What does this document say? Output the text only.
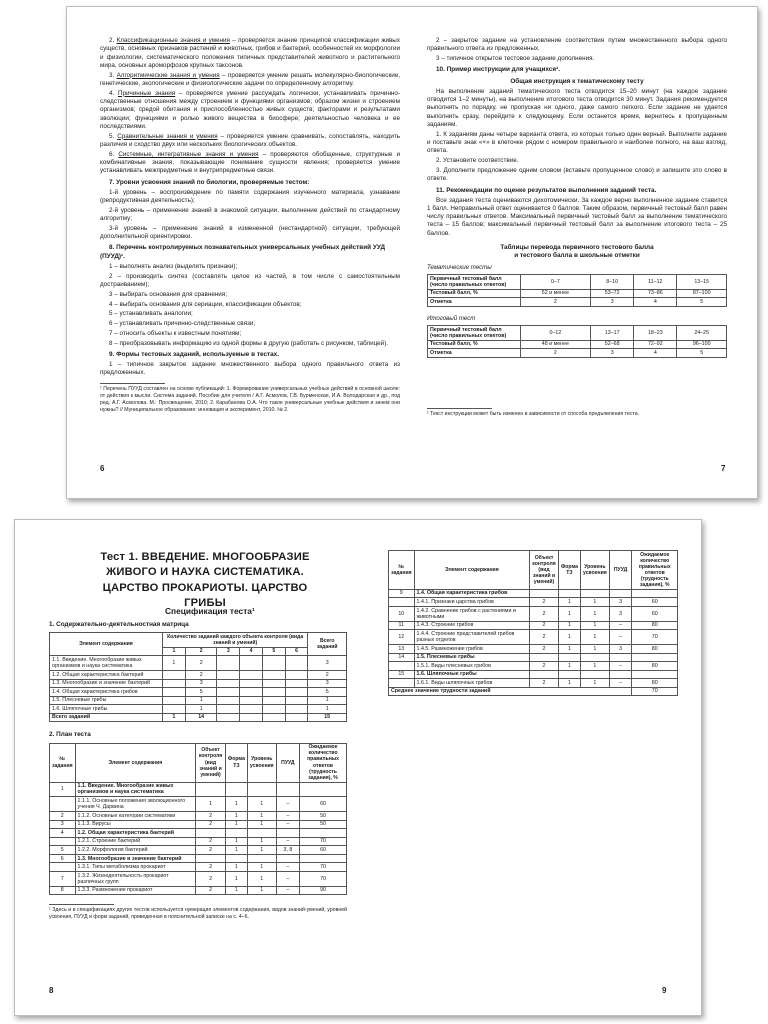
2. Классификационные знания и умения – проверяется знание принципов классификации живых существ, основных признаков растений и животных, грибов и бактерий, особенностей их морфологии и физиологии, систематического положения типичных представителей животного и растительного мира, основных ароморфозов крупных таксонов.

3. Алгоритмические знания и умения – проверяется умение решать молекулярно-биологические, генетические, экологические и физиологические задачи по определенному алгоритму.

4. Причинные знания – проверяется умение рассуждать логически, устанавливать причинно-следственные отношения между строением и функциями организмов; образом жизни и строением организмов; средой обитания и приспособленностью живых существ; факторами и результатами эволюции; функциями и ролью живого вещества в биосфере; деятельностью человека и ее последствиями.

5. Сравнительные знания и умения – проверяется умение сравнивать, сопоставлять, находить различия и сходство двух или нескольких биологических объектов.

6. Системные, интегративные знания и умения – проверяются обобщенные, структурные и комбинативные знания, показывающие понимание сущности явления; проверяется умение устанавливать межпредметные и внутрипредметные связи.

7. Уровни усвоения знаний по биологии, проверяемые тестом:

1-й уровень – воспроизведение по памяти содержания изученного материала, узнавание (репродуктивная деятельность);

2-й уровень – применение знаний в знакомой ситуации, выполнение действий по стандартному алгоритму;

3-й уровень – применение знаний в измененной (нестандартной) ситуации, требующей дополнительной ориентировки.

8. Перечень контролируемых познавательных универсальных учебных действий УУД (ПУУД)¹.

1 – выполнять анализ (выделять признаки);

2 – производить синтез (составлять целое из частей, в том числе с самостоятельным достраиванием);

3 – выбирать основания для сравнения;

4 – выбирать основания для сериации, классификации объектов;

5 – устанавливать аналогии;

6 – устанавливать причинно-следственные связи;

7 – относить объекты к известным понятиям;

8 – преобразовывать информацию из одной формы в другую (работать с рисунком, таблицей).

9. Формы тестовых заданий, используемые в тестах.

1 – типичное закрытое задание множественного выбора одного правильного ответа из предложенных.

¹ Перечень ПУУД составлен на основе публикаций: 1. Формирование универсальных учебных действий в основной школе: от действия к мысли. Система заданий. Пособие для учителя / А.Г. Асмолов, Г.В. Бурменская, И.А. Володарская и др., под ред. А.Г. Асмолова. М.: Просвещение, 2010; 2. Карабанова О.А. Что такое универсальные учебные действия и зачем они нужны? // Муниципальное образование: инновация и эксперимент, 2010. № 2.
6

2 – закрытое задание на установление соответствия путем множественного выбора одного правильного ответа из предложенных.

3 – типичное открытое тестовое задание дополнения.

10. Пример инструкции для учащихся¹.
Общая инструкция к тематическому тесту

На выполнение заданий тематического теста отводится 15–20 минут (на каждое задание отводится 1–2 минуты), на выполнение итогового теста отводится 30 минут. Задания рекомендуется выполнять по порядку, не пропуская ни одного, даже самого легкого. Если задание не удается выполнить сразу, перейдите к следующему. Если останется время, вернитесь к пропущенным заданиям.

1. К заданиям даны четыре варианта ответа, из которых только один верный. Выполните задание и поставьте знак «×» в клеточке рядом с номером правильного и наиболее полного, на ваш взгляд, ответа.

2. Установите соответствие.

3. Дополните предложение одним словом (вставьте пропущенное слово) и запишите это слово в ответе.

11. Рекомендации по оценке результатов выполнения заданий теста.

Все задания теста оцениваются дихотомически. За каждое верно выполненное задание ставится 1 балл. Неправильный ответ оценивается 0 баллов. Таким образом, первичный тестовый балл равен числу правильных ответов. Максимальный первичный тестовый балл за выполнение тематического теста – 15 баллов; максимальный первичный тестовый балл за выполнение итогового теста – 25 баллов.

Таблицы перевода первичного тестового балла
и тестового балла в школьные отметки
Тематические тесты
Первичный тестовый балл (число правильных ответов)	0–7	8–10	11–12	13–15
Тестовый балл, %	52 и менее	53–72	73–86	87–100
Отметка	2	3	4	5
Итоговый тест
Первичный тестовый балл (число правильных ответов)	0–12	13–17	18–23	24–25
Тестовый балл, %	48 и менее	52–68	72–92	96–100
Отметка	2	3	4	5
¹ Текст инструкции может быть изменен в зависимости от способа предъявления теста.
7
Тест 1. ВВЕДЕНИЕ. МНОГООБРАЗИЕ
ЖИВОГО И НАУКА СИСТЕМАТИКА.
ЦАРСТВО ПРОКАРИОТЫ. ЦАРСТВО ГРИБЫ
Спецификация теста¹
1. Содержательно-деятельностная матрица
Элемент содержания	Количество заданий каждого объекта контроля (вида знаний и умений)						Всего заданий
	1	2	3	4	5	6	
1.1. Введение. Многообразие живых организмов и наука систематика	1	2					3
1.2. Общая характеристика бактерий		2					2
1.3. Многообразие и значение бактерий		3					3
1.4. Общая характеристика грибов		5					5
1.5. Плесневые грибы		1					1
1.6. Шляпочные грибы		1					1
Всего заданий	1	14					15
2. План теста
№ задания	Элемент содержания	Объект контроля (вид знаний и умений)	Форма ТЗ	Уровень усвоения	ПУУД	Ожидаемое количество правильных ответов (трудность задания), %
1	1.1. Введение. Многообразие живых организмов и наука систематика					
	1.1.1. Основные положения эволюционного учения Ч. Дарвина	1	1	1	–	60
2	1.1.2. Основные категории систематики	2	1	1	–	50
3	1.1.3. Вирусы	2	1	1	–	50
4	1.2. Общая характеристика бактерий					
	1.2.1. Строение бактерий	2	1	1	–	70
5	1.2.2. Морфология бактерий	2	1	1	3, 8	60
6	1.3. Многообразие и значение бактерий					
	1.3.1. Типы метаболизма прокариот	2	1	1	–	70
7	1.3.2. Жизнедеятельность прокариот различных групп	2	1	1	–	70
8	1.3.3. Размножение прокариот	2	1	1	–	90
¹ Здесь и в спецификациях других тестов используется нумерация элементов содержания, видов знаний-умений, уровней усвоения, ПУУД и форм заданий, приведенная в пояснительной записке на с. 4–6.
8
№ задания	Элемент содержания	Объект контроля (вид знаний и умений)	Форма ТЗ	Уровень усвоения	ПУУД	Ожидаемое количество правильных ответов (трудность задания), %
9	1.4. Общая характеристика грибов					
	1.4.1. Признаки царства грибов	2	1	1	3	60
10	1.4.2. Сравнение грибов с растениями и животными	2	1	1	3	60
11	1.4.3. Строение грибов	2	1	1	–	80
12	1.4.4. Строение представителей грибов разных отделов	2	1	1	–	70
13	1.4.5. Размножение грибов	2	1	1	3	80
14	1.5. Плесневые грибы					
	1.5.1. Виды плесневых грибов	2	1	1	–	80
15	1.6. Шляпочные грибы					
	1.6.1. Виды шляпочных грибов	2	1	1	–	80
Среднее значение трудности заданий						70
9
